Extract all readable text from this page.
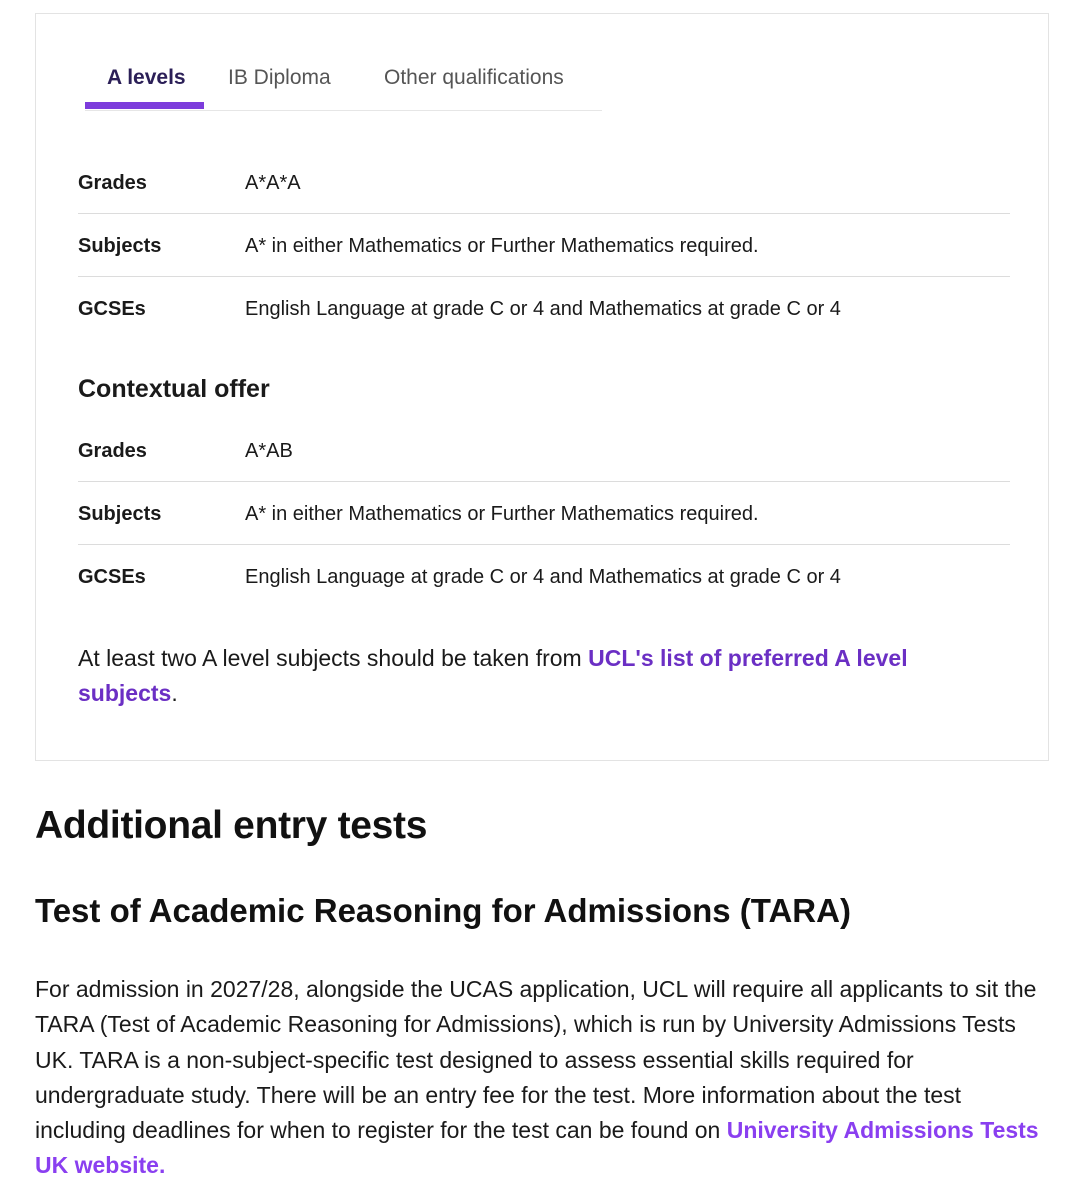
A levels IB Diploma	Other qualifications
Grades	A*A*A
Subjects	A* in either Mathematics or Further Mathematics required.
GCSEs	English Language at grade C or 4 and Mathematics at grade C or 4
Contextual offer
Grades	A*AB
Subjects	A* in either Mathematics or Further Mathematics required.
GCSEs	English Language at grade C or 4 and Mathematics at grade C or 4

At least two A level subjects should be taken from UCL's list of preferred A level subjects.

Additional entry tests
Test of Academic Reasoning for Admissions (TARA)

For admission in 2027/28, alongside the UCAS application, UCL will require all applicants to sit the TARA (Test of Academic Reasoning for Admissions), which is run by University Admissions Tests UK. TARA is a non-subject-specific test designed to assess essential skills required for undergraduate study. There will be an entry fee for the test. More information about the test including deadlines for when to register for the test can be found on University Admissions Tests UK website.
